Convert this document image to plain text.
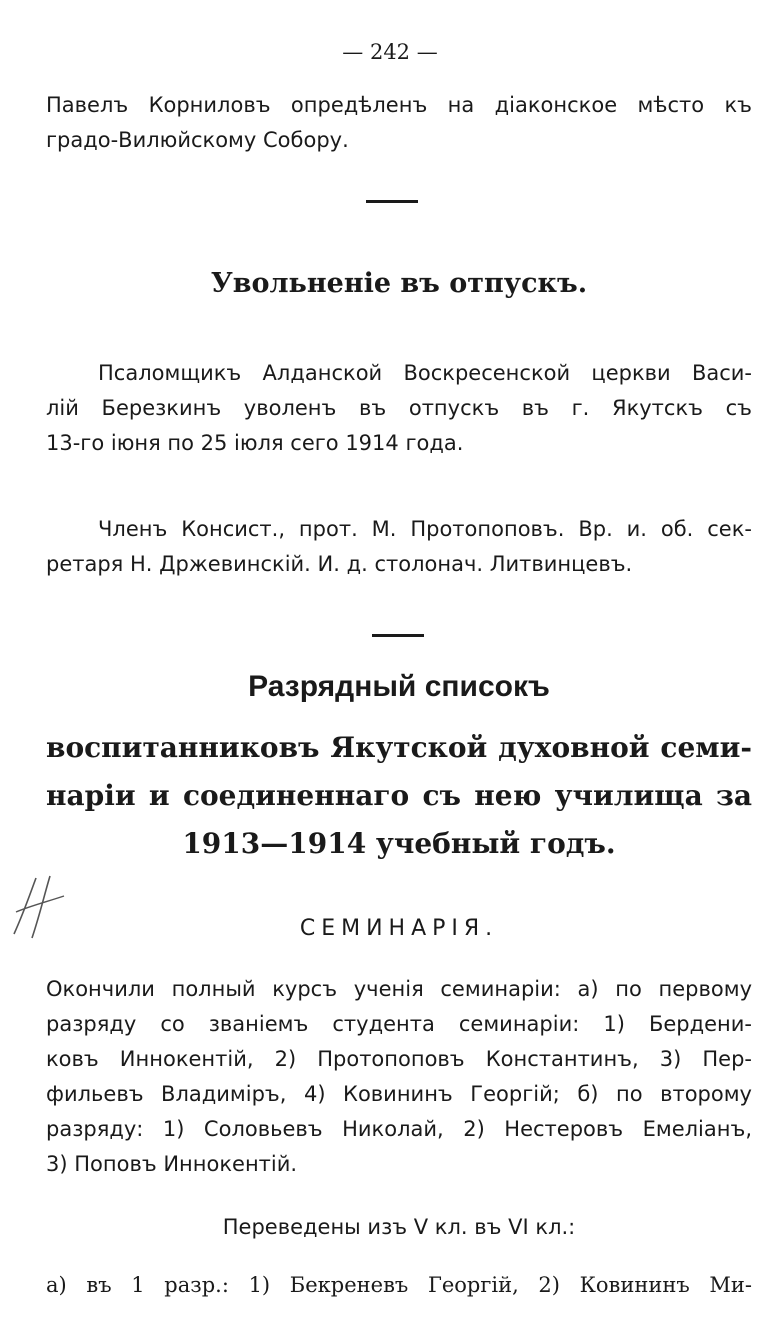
— 242 —
Павелъ Корниловъ опредѣленъ на діаконское мѣсто къ
градо-Вилюйскому Собору.
Увольненіе въ отпускъ.
Псаломщикъ Алданской Воскресенской церкви Васи-
лій Березкинъ уволенъ въ отпускъ въ г. Якутскъ съ
13-го іюня по 25 іюля сего 1914 года.
Членъ Консист., прот. М. Протопоповъ. Вр. и. об. сек-
ретаря Н. Држевинскій. И. д. столонач. Литвинцевъ.
Разрядный списокъ
воспитанниковъ Якутской духовной семи-
наріи и соединеннаго съ нею училища за
1913—1914 учебный годъ.
СЕМИНАРІЯ.
Окончили полный курсъ ученія семинаріи: а) по первому
разряду со званіемъ студента семинаріи: 1) Бердени-
ковъ Иннокентій, 2) Протопоповъ Константинъ, 3) Пер-
фильевъ Владиміръ, 4) Ковининъ Георгій; б) по второму
разряду: 1) Соловьевъ Николай, 2) Нестеровъ Емеліанъ,
3) Поповъ Иннокентій.
Переведены изъ V кл. въ VI кл.:
а) въ 1 разр.: 1) Бекреневъ Георгій, 2) Ковининъ Ми-
